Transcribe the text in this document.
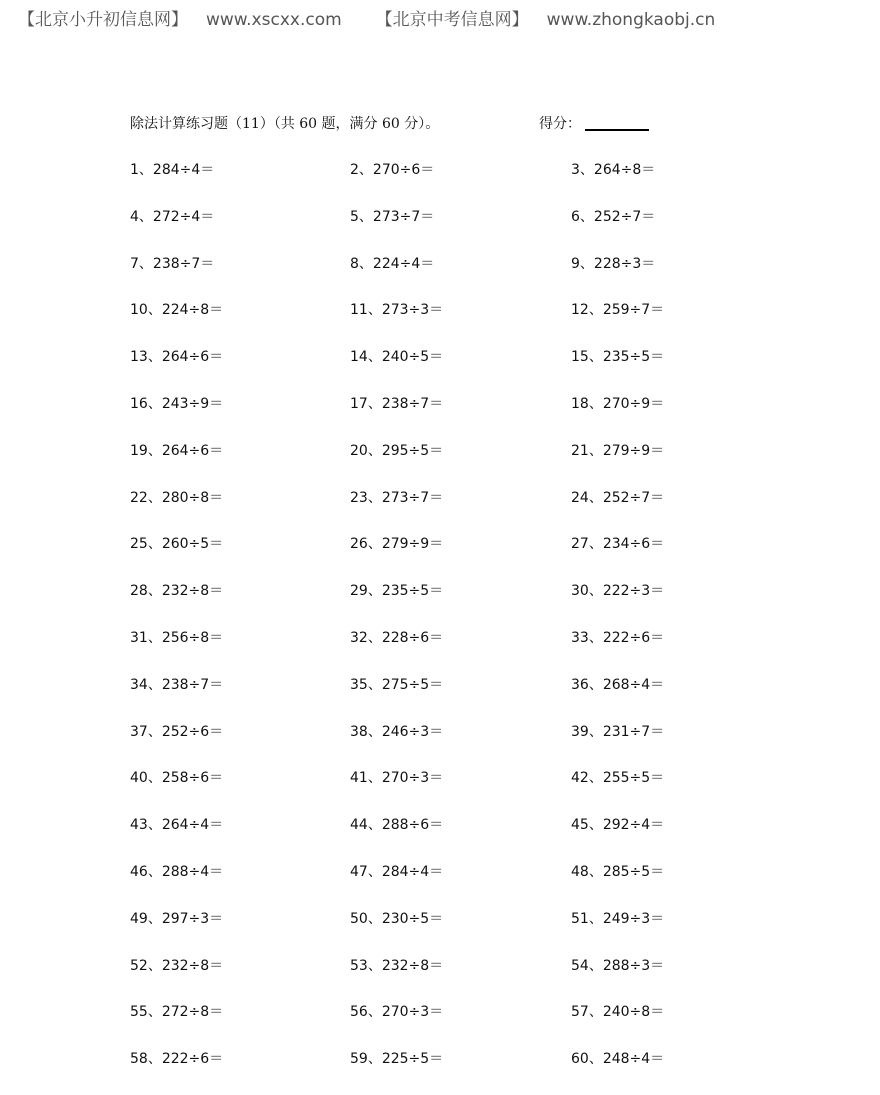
【北京小升初信息网】 www.xscxx.com 【北京中考信息网】 www.zhongkaobj.cn
除法计算练习题（11）（共 60 题，满分 60 分）。	得分：
1、284÷4＝	2、270÷6＝	3、264÷8＝
4、272÷4＝	5、273÷7＝	6、252÷7＝
7、238÷7＝	8、224÷4＝	9、228÷3＝
10、224÷8＝	11、273÷3＝	12、259÷7＝
13、264÷6＝	14、240÷5＝	15、235÷5＝
16、243÷9＝	17、238÷7＝	18、270÷9＝
19、264÷6＝	20、295÷5＝	21、279÷9＝
22、280÷8＝	23、273÷7＝	24、252÷7＝
25、260÷5＝	26、279÷9＝	27、234÷6＝
28、232÷8＝	29、235÷5＝	30、222÷3＝
31、256÷8＝	32、228÷6＝	33、222÷6＝
34、238÷7＝	35、275÷5＝	36、268÷4＝
37、252÷6＝	38、246÷3＝	39、231÷7＝
40、258÷6＝	41、270÷3＝	42、255÷5＝
43、264÷4＝	44、288÷6＝	45、292÷4＝
46、288÷4＝	47、284÷4＝	48、285÷5＝
49、297÷3＝	50、230÷5＝	51、249÷3＝
52、232÷8＝	53、232÷8＝	54、288÷3＝
55、272÷8＝	56、270÷3＝	57、240÷8＝
58、222÷6＝	59、225÷5＝	60、248÷4＝
